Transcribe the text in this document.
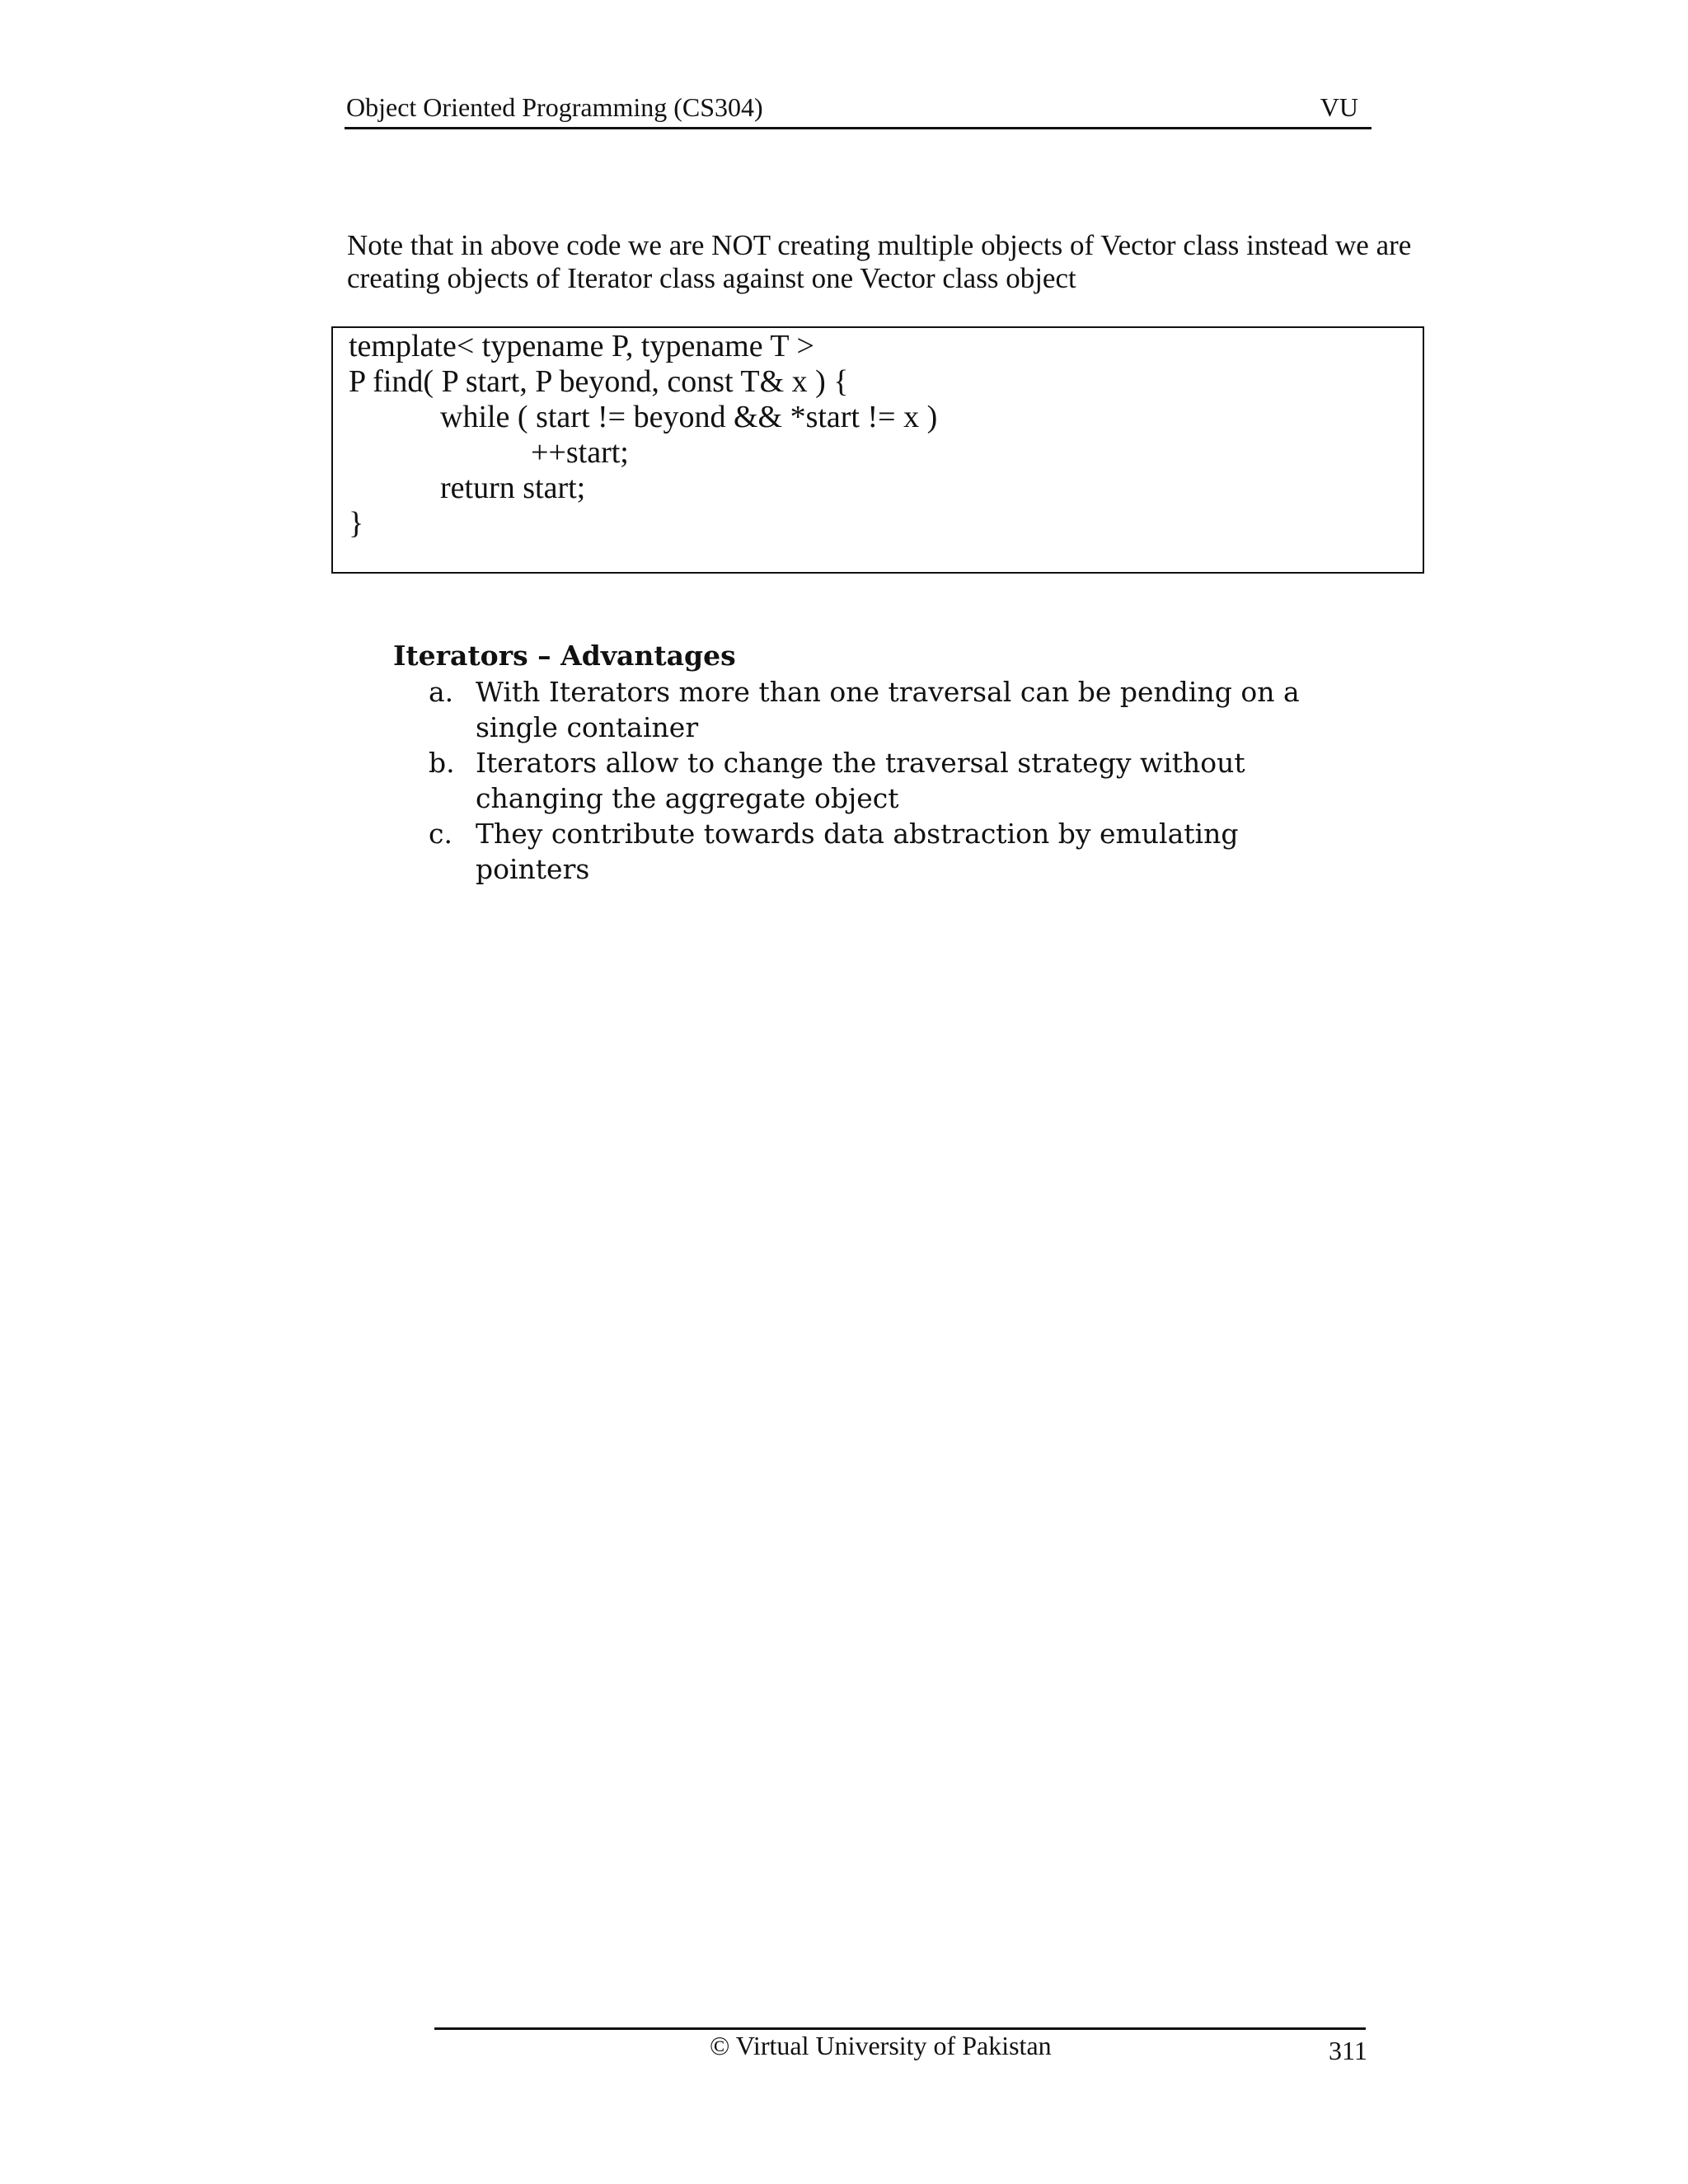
Object Oriented Programming (CS304)	VU

Note that in above code we are NOT creating multiple objects of Vector class instead we are

creating objects of Iterator class against one Vector class object

template< typename P, typename T >
P find( P start, P beyond, const T& x ) {
while ( start != beyond && *start != x )
++start;
return start;
}
Iterators – Advantages
a. With Iterators more than one traversal can be pending on a single container
b. Iterators allow to change the traversal strategy without changing the aggregate object
c. They contribute towards data abstraction by emulating pointers
© Virtual University of Pakistan	311
